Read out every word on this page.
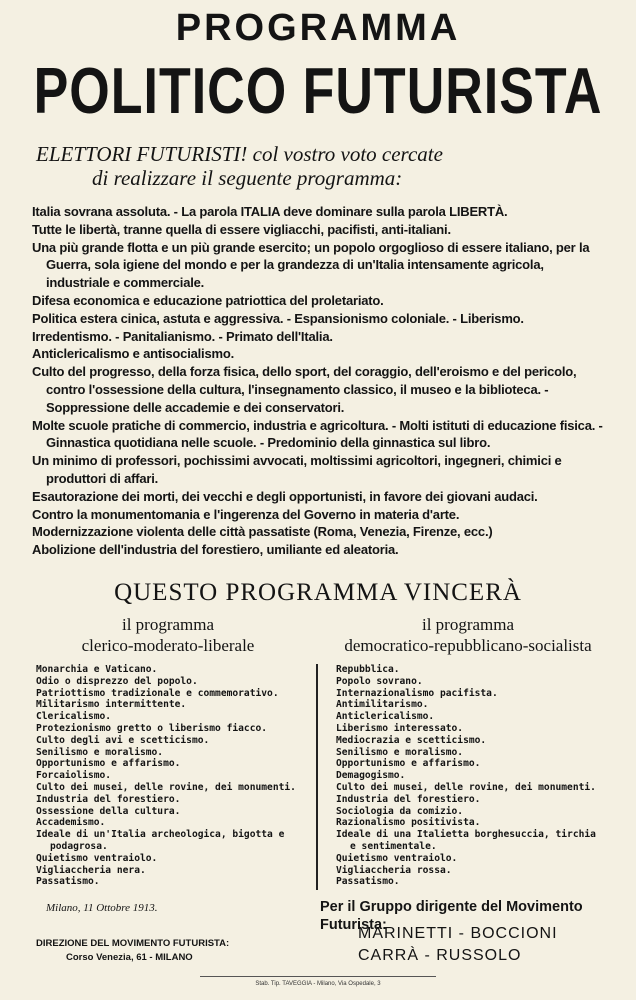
PROGRAMMA
POLITICO FUTURISTA
ELETTORI FUTURISTI! col vostro voto cercate
di realizzare il seguente programma:

Italia sovrana assoluta. - La parola ITALIA deve dominare sulla parola LIBERTÀ.

Tutte le libertà, tranne quella di essere vigliacchi, pacifisti, anti-italiani.

Una più grande flotta e un più grande esercito; un popolo orgoglioso di essere italiano, per la Guerra, sola igiene del mondo e per la grandezza di un'Italia intensamente agricola, industriale e commerciale.

Difesa economica e educazione patriottica del proletariato.

Politica estera cinica, astuta e aggressiva. - Espansionismo coloniale. - Liberismo.

Irredentismo. - Panitalianismo. - Primato dell'Italia.

Anticlericalismo e antisocialismo.

Culto del progresso, della forza fisica, dello sport, del coraggio, dell'eroismo e del pericolo, contro l'ossessione della cultura, l'insegnamento classico, il museo e la biblioteca. - Soppressione delle accademie e dei conservatori.

Molte scuole pratiche di commercio, industria e agricoltura. - Molti istituti di educazione fisica. - Ginnastica quotidiana nelle scuole. - Predominio della ginnastica sul libro.

Un minimo di professori, pochissimi avvocati, moltissimi agricoltori, ingegneri, chimici e produttori di affari.

Esautorazione dei morti, dei vecchi e degli opportunisti, in favore dei giovani audaci.

Contro la monumentomania e l'ingerenza del Governo in materia d'arte.

Modernizzazione violenta delle città passatiste (Roma, Venezia, Firenze, ecc.)

Abolizione dell'industria del forestiero, umiliante ed aleatoria.

QUESTO PROGRAMMA VINCERÀ
il programma
clerico-moderato-liberale
il programma
democratico-repubblicano-socialista
Monarchia e Vaticano.
Odio o disprezzo del popolo.
Patriottismo tradizionale e commemorativo.
Militarismo intermittente.
Clericalismo.
Protezionismo gretto o liberismo fiacco.
Culto degli avi e scetticismo.
Senilismo e moralismo.
Opportunismo e affarismo.
Forcaiolismo.
Culto dei musei, delle rovine, dei monumenti.
Industria del forestiero.
Ossessione della cultura.
Accademismo.
Ideale di un'Italia archeologica, bigotta e podagrosa.
Quietismo ventraiolo.
Vigliaccheria nera.
Passatismo.
Repubblica.
Popolo sovrano.
Internazionalismo pacifista.
Antimilitarismo.
Anticlericalismo.
Liberismo interessato.
Mediocrazia e scetticismo.
Senilismo e moralismo.
Opportunismo e affarismo.
Demagogismo.
Culto dei musei, delle rovine, dei monumenti.
Industria del forestiero.
Sociologia da comizio.
Razionalismo positivista.
Ideale di una Italietta borghesuccia, tirchia e sentimentale.
Quietismo ventraiolo.
Vigliaccheria rossa.
Passatismo.
Milano, 11 Ottobre 1913.	Per il Gruppo dirigente del Movimento Futurista:
MARINETTI - BOCCIONI
CARRÀ - RUSSOLO
DIREZIONE DEL MOVIMENTO FUTURISTA:
Corso Venezia, 61 - MILANO
Stab. Tip. TAVEGGIA - Milano, Via Ospedale, 3
